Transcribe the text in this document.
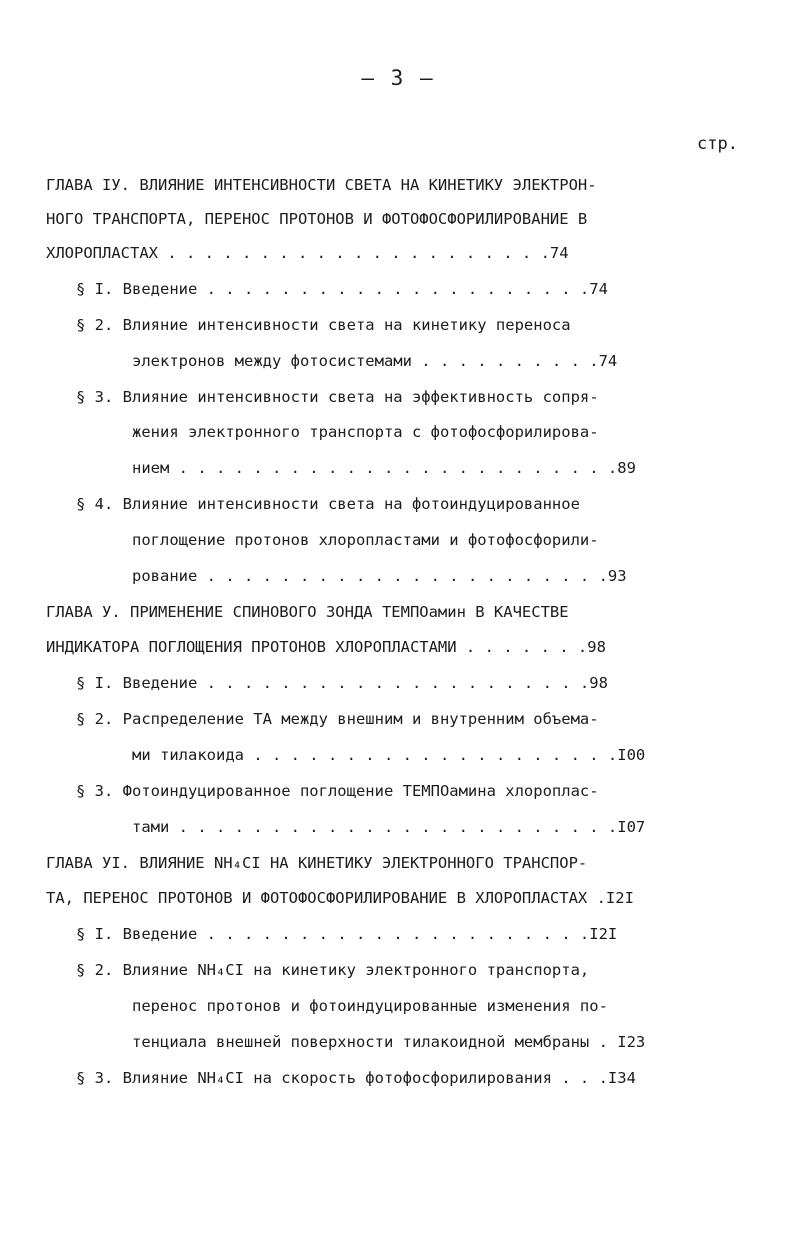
– 3 –
стр.
ГЛАВА IУ. ВЛИЯНИЕ ИНТЕНСИВНОСТИ СВЕТА НА КИНЕТИКУ ЭЛЕКТРОН-
НОГО ТРАНСПОРТА, ПЕРЕНОС ПРОТОНОВ И ФОТОФОСФОРИЛИРОВАНИЕ В
ХЛОРОПЛАСТАХ . . . . . . . . . . . . . . . . . . . . .74
§ I. Введение . . . . . . . . . . . . . . . . . . . . .74
§ 2. Влияние интенсивности света на кинетику переноса
электронов между фотосистемами . . . . . . . . . .74
§ 3. Влияние интенсивности света на эффективность сопря-
жения электронного транспорта с фотофосфорилирова-
нием . . . . . . . . . . . . . . . . . . . . . . . .89
§ 4. Влияние интенсивности света на фотоиндуцированное
поглощение протонов хлоропластами и фотофосфорили-
рование . . . . . . . . . . . . . . . . . . . . . .93
ГЛАВА У. ПРИМЕНЕНИЕ СПИНОВОГО ЗОНДА ТЕМПОамин В КАЧЕСТВЕ
ИНДИКАТОРА ПОГЛОЩЕНИЯ ПРОТОНОВ ХЛОРОПЛАСТАМИ . . . . . . .98
§ I. Введение . . . . . . . . . . . . . . . . . . . . .98
§ 2. Распределение ТА между внешним и внутренним объема-
ми тилакоида . . . . . . . . . . . . . . . . . . . .I00
§ 3. Фотоиндуцированное поглощение ТЕМПОамина хлороплас-
тами . . . . . . . . . . . . . . . . . . . . . . . .I07
ГЛАВА УI. ВЛИЯНИЕ NH₄CI НА КИНЕТИКУ ЭЛЕКТРОННОГО ТРАНСПОР-
ТА, ПЕРЕНОС ПРОТОНОВ И ФОТОФОСФОРИЛИРОВАНИЕ В ХЛОРОПЛАСТАХ .I2I
§ I. Введение . . . . . . . . . . . . . . . . . . . . .I2I
§ 2. Влияние NH₄CI на кинетику электронного транспорта,
перенос протонов и фотоиндуцированные изменения по-
тенциала внешней поверхности тилакоидной мембраны . I23
§ 3. Влияние NH₄CI на скорость фотофосфорилирования . . .I34
